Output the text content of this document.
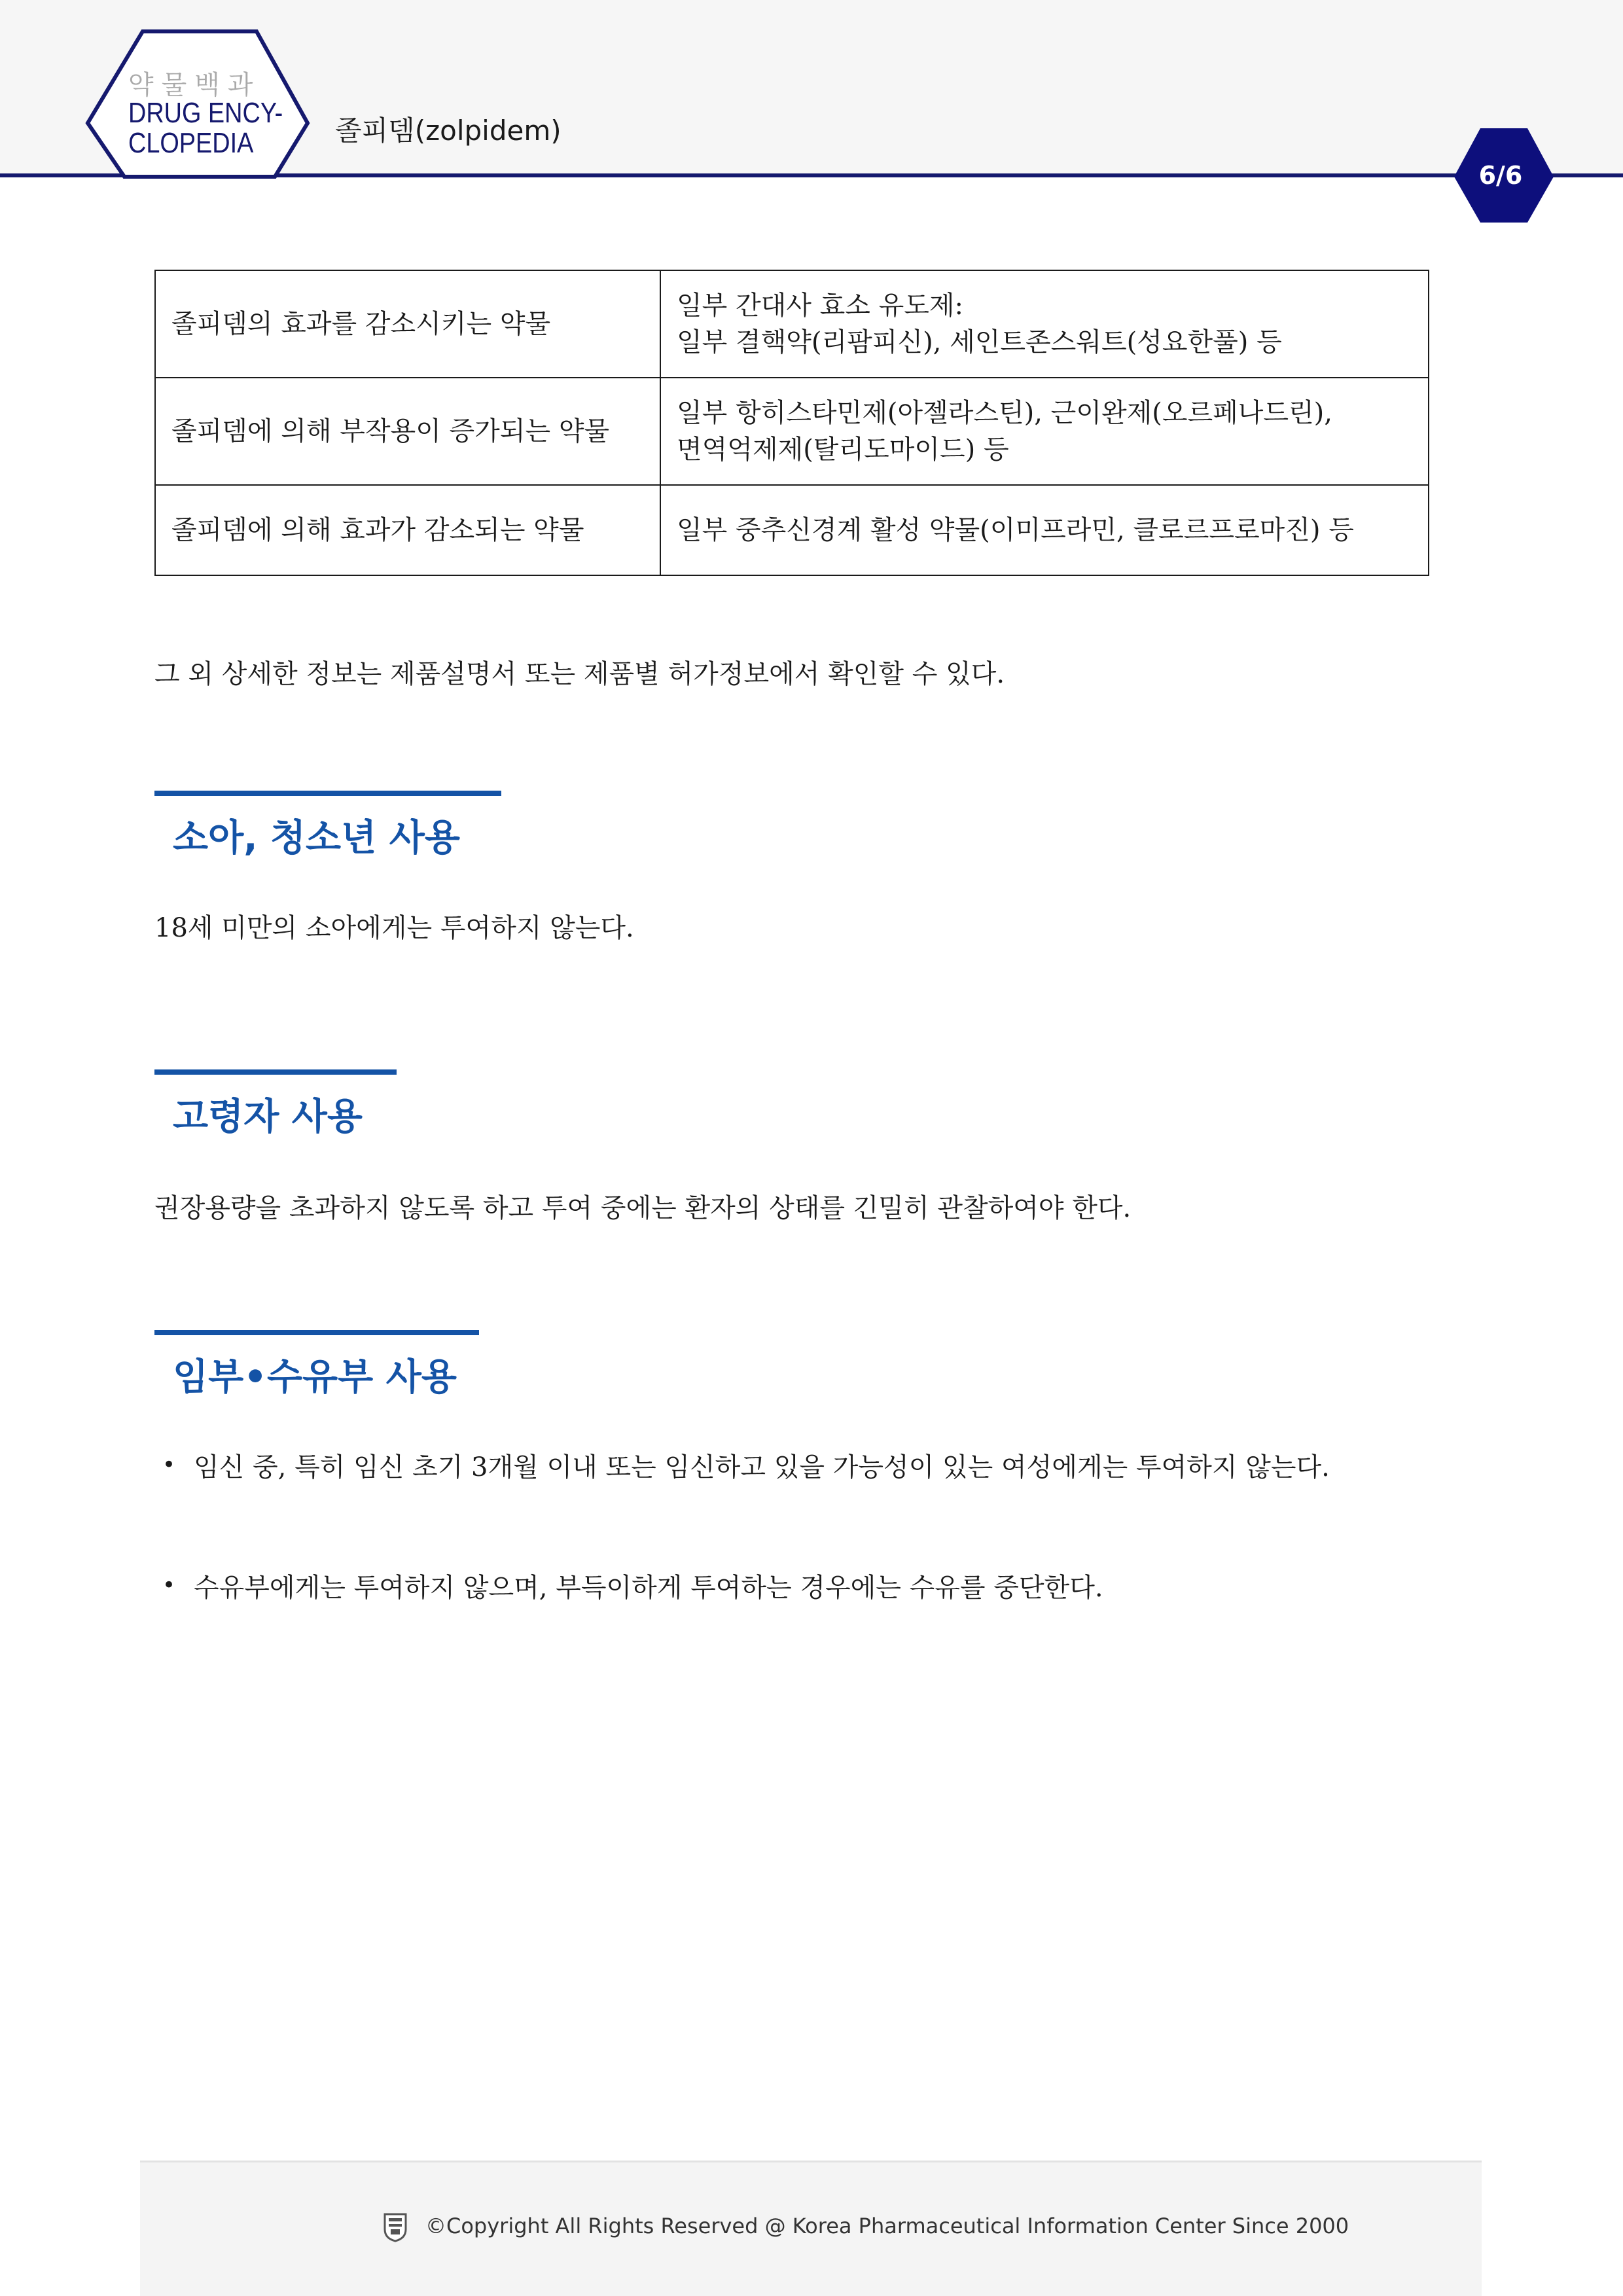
약물백과
DRUG ENCY-
CLOPEDIA	졸피뎀(zolpidem)
6/6
졸피뎀의 효과를 감소시키는 약물	일부 간대사 효소 유도제:
일부 결핵약(리팜피신), 세인트존스워트(성요한풀) 등

졸피뎀에 의해 부작용이 증가되는 약물	일부 항히스타민제(아젤라스틴), 근이완제(오르페나드린),
면역억제제(탈리도마이드) 등

졸피뎀에 의해 효과가 감소되는 약물	일부 중추신경계 활성 약물(이미프라민, 클로르프로마진) 등
그 외 상세한 정보는 제품설명서 또는 제품별 허가정보에서 확인할 수 있다.
소아, 청소년 사용
18세 미만의 소아에게는 투여하지 않는다.
고령자 사용
권장용량을 초과하지 않도록 하고 투여 중에는 환자의 상태를 긴밀히 관찰하여야 한다.
임부•수유부 사용
• 임신 중, 특히 임신 초기 3개월 이내 또는 임신하고 있을 가능성이 있는 여성에게는 투여하지 않는다.
• 수유부에게는 투여하지 않으며, 부득이하게 투여하는 경우에는 수유를 중단한다.
©Copyright All Rights Reserved @ Korea Pharmaceutical Information Center Since 2000
